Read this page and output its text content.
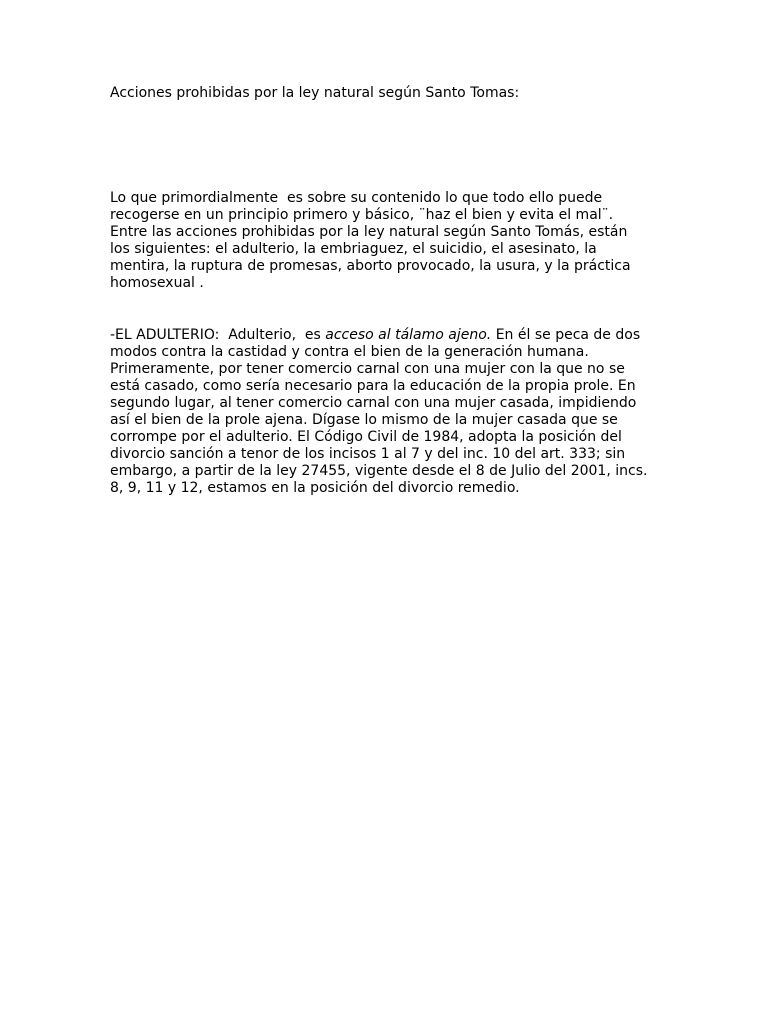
Acciones prohibidas por la ley natural según Santo Tomas:
Lo que primordialmente  es sobre su contenido lo que todo ello puede
recogerse en un principio primero y básico, ¨haz el bien y evita el mal¨.
Entre las acciones prohibidas por la ley natural según Santo Tomás, están
los siguientes: el adulterio, la embriaguez, el suicidio, el asesinato, la
mentira, la ruptura de promesas, aborto provocado, la usura, y la práctica
homosexual .
-EL ADULTERIO:  Adulterio,  es acceso al tálamo ajeno. En él se peca de dos
modos contra la castidad y contra el bien de la generación humana.
Primeramente, por tener comercio carnal con una mujer con la que no se
está casado, como sería necesario para la educación de la propia prole. En
segundo lugar, al tener comercio carnal con una mujer casada, impidiendo
así el bien de la prole ajena. Dígase lo mismo de la mujer casada que se
corrompe por el adulterio. El Código Civil de 1984, adopta la posición del
divorcio sanción a tenor de los incisos 1 al 7 y del inc. 10 del art. 333; sin
embargo, a partir de la ley 27455, vigente desde el 8 de Julio del 2001, incs.
8, 9, 11 y 12, estamos en la posición del divorcio remedio.
